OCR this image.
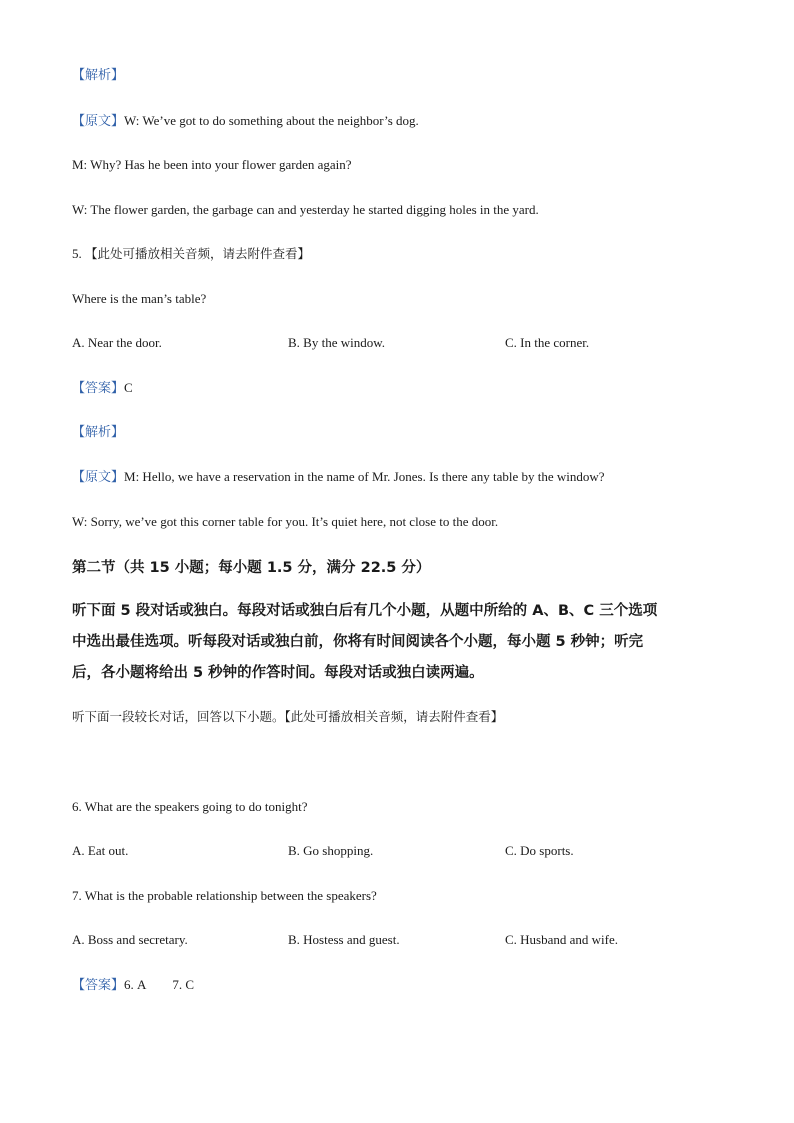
【解析】
【原文】W: We’ve got to do something about the neighbor’s dog.
M: Why? Has he been into your flower garden again?
W: The flower garden, the garbage can and yesterday he started digging holes in the yard.
5. 【此处可播放相关音频，请去附件查看】
Where is the man’s table?
A. Near the door.	B. By the window.	C. In the corner.
【答案】C
【解析】
【原文】M: Hello, we have a reservation in the name of Mr. Jones. Is there any table by the window?
W: Sorry, we’ve got this corner table for you. It’s quiet here, not close to the door.
第二节（共 15 小题；每小题 1.5 分，满分 22.5 分）
听下面 5 段对话或独白。每段对话或独白后有几个小题，从题中所给的 A、B、C 三个选项
中选出最佳选项。听每段对话或独白前，你将有时间阅读各个小题，每小题 5 秒钟；听完
后，各小题将给出 5 秒钟的作答时间。每段对话或独白读两遍。
听下面一段较长对话，回答以下小题。【此处可播放相关音频，请去附件查看】
6. What are the speakers going to do tonight?
A. Eat out.	B. Go shopping.	C. Do sports.
7. What is the probable relationship between the speakers?
A. Boss and secretary.	B. Hostess and guest.	C. Husband and wife.
【答案】6. A 7. C
